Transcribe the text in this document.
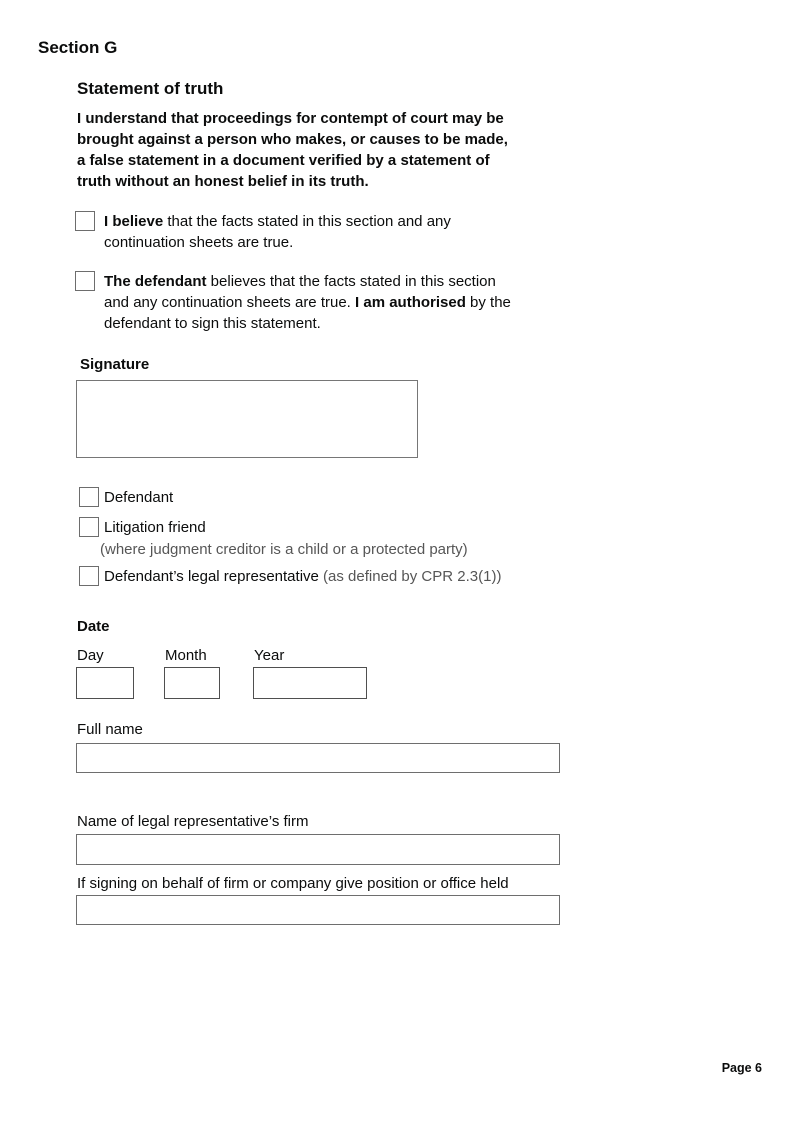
Section G
Statement of truth
I understand that proceedings for contempt of court may be
brought against a person who makes, or causes to be made,
a false statement in a document verified by a statement of
truth without an honest belief in its truth.
I believe that the facts stated in this section and any
continuation sheets are true.
The defendant believes that the facts stated in this section
and any continuation sheets are true. I am authorised by the
defendant to sign this statement.
Signature
Defendant
Litigation friend
(where judgment creditor is a child or a protected party)
Defendant’s legal representative (as defined by CPR 2.3(1))
Date
Day	Month	Year
Full name
Name of legal representative’s firm
If signing on behalf of firm or company give position or office held
Page 6
